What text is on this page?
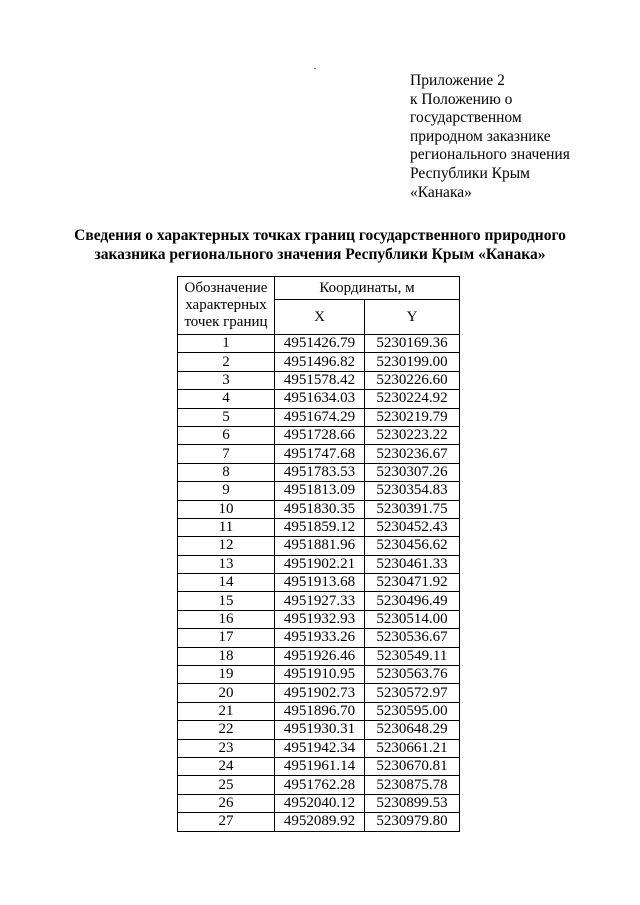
Приложение 2
к Положению о
государственном
природном заказнике
регионального значения
Республики Крым
«Канака»
Сведения о характерных точках границ государственного природного
заказника регионального значения Республики Крым «Канака»
Обозначение характерных точек границ	Координаты, м	
	X	Y
1	4951426.79	5230169.36
2	4951496.82	5230199.00
3	4951578.42	5230226.60
4	4951634.03	5230224.92
5	4951674.29	5230219.79
6	4951728.66	5230223.22
7	4951747.68	5230236.67
8	4951783.53	5230307.26
9	4951813.09	5230354.83
10	4951830.35	5230391.75
11	4951859.12	5230452.43
12	4951881.96	5230456.62
13	4951902.21	5230461.33
14	4951913.68	5230471.92
15	4951927.33	5230496.49
16	4951932.93	5230514.00
17	4951933.26	5230536.67
18	4951926.46	5230549.11
19	4951910.95	5230563.76
20	4951902.73	5230572.97
21	4951896.70	5230595.00
22	4951930.31	5230648.29
23	4951942.34	5230661.21
24	4951961.14	5230670.81
25	4951762.28	5230875.78
26	4952040.12	5230899.53
27	4952089.92	5230979.80
